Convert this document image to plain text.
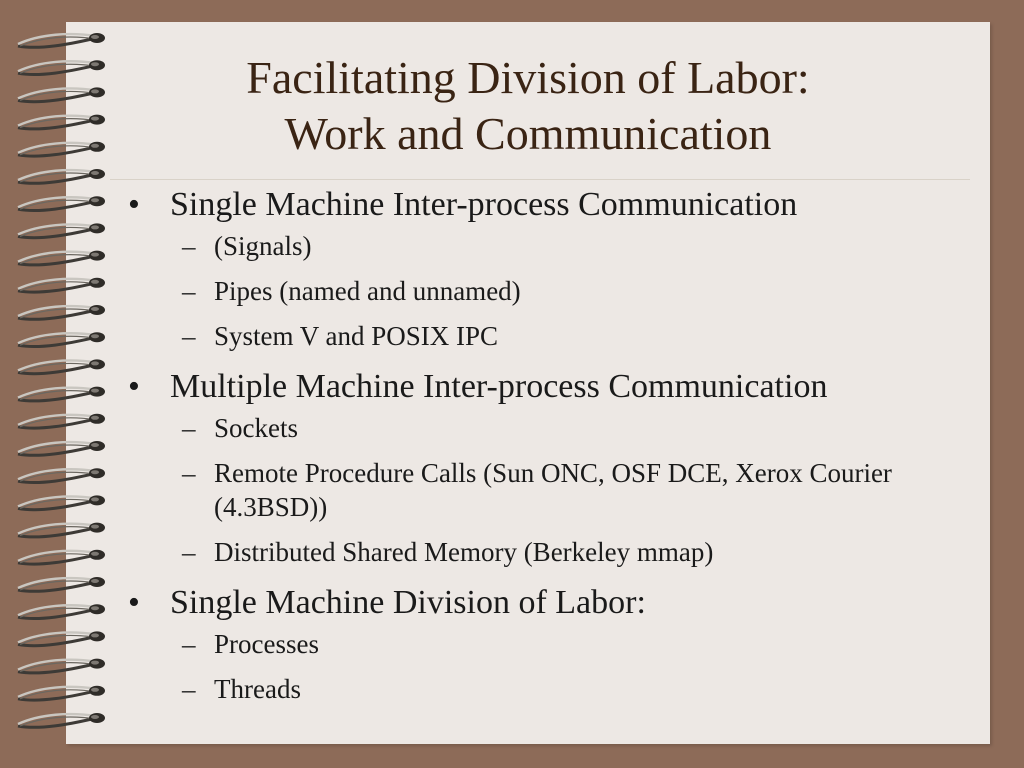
Facilitating Division of Labor:
Work and Communication
• Single Machine Inter-process Communication
– (Signals)
– Pipes (named and unnamed)
– System V and POSIX IPC
• Multiple Machine Inter-process Communication
– Sockets
– Remote Procedure Calls (Sun ONC, OSF DCE, Xerox Courier (4.3BSD))
– Distributed Shared Memory (Berkeley mmap)
• Single Machine Division of Labor:
– Processes
– Threads
